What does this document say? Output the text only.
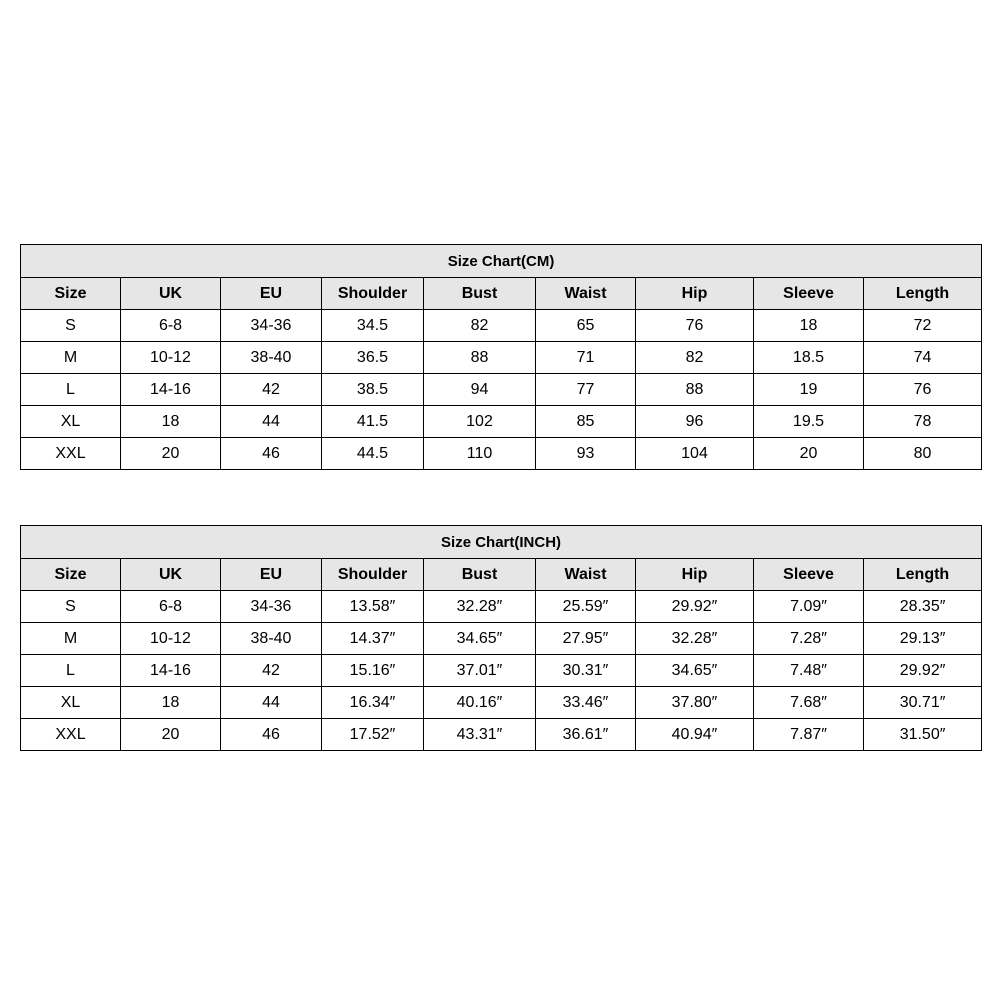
Size Chart(CM)								
Size	UK	EU	Shoulder	Bust	Waist	Hip	Sleeve	Length
S	6-8	34-36	34.5	82	65	76	18	72
M	10-12	38-40	36.5	88	71	82	18.5	74
L	14-16	42	38.5	94	77	88	19	76
XL	18	44	41.5	102	85	96	19.5	78
XXL	20	46	44.5	110	93	104	20	80
Size Chart(INCH)								
Size	UK	EU	Shoulder	Bust	Waist	Hip	Sleeve	Length
S	6-8	34-36	13.58″	32.28″	25.59″	29.92″	7.09″	28.35″
M	10-12	38-40	14.37″	34.65″	27.95″	32.28″	7.28″	29.13″
L	14-16	42	15.16″	37.01″	30.31″	34.65″	7.48″	29.92″
XL	18	44	16.34″	40.16″	33.46″	37.80″	7.68″	30.71″
XXL	20	46	17.52″	43.31″	36.61″	40.94″	7.87″	31.50″
